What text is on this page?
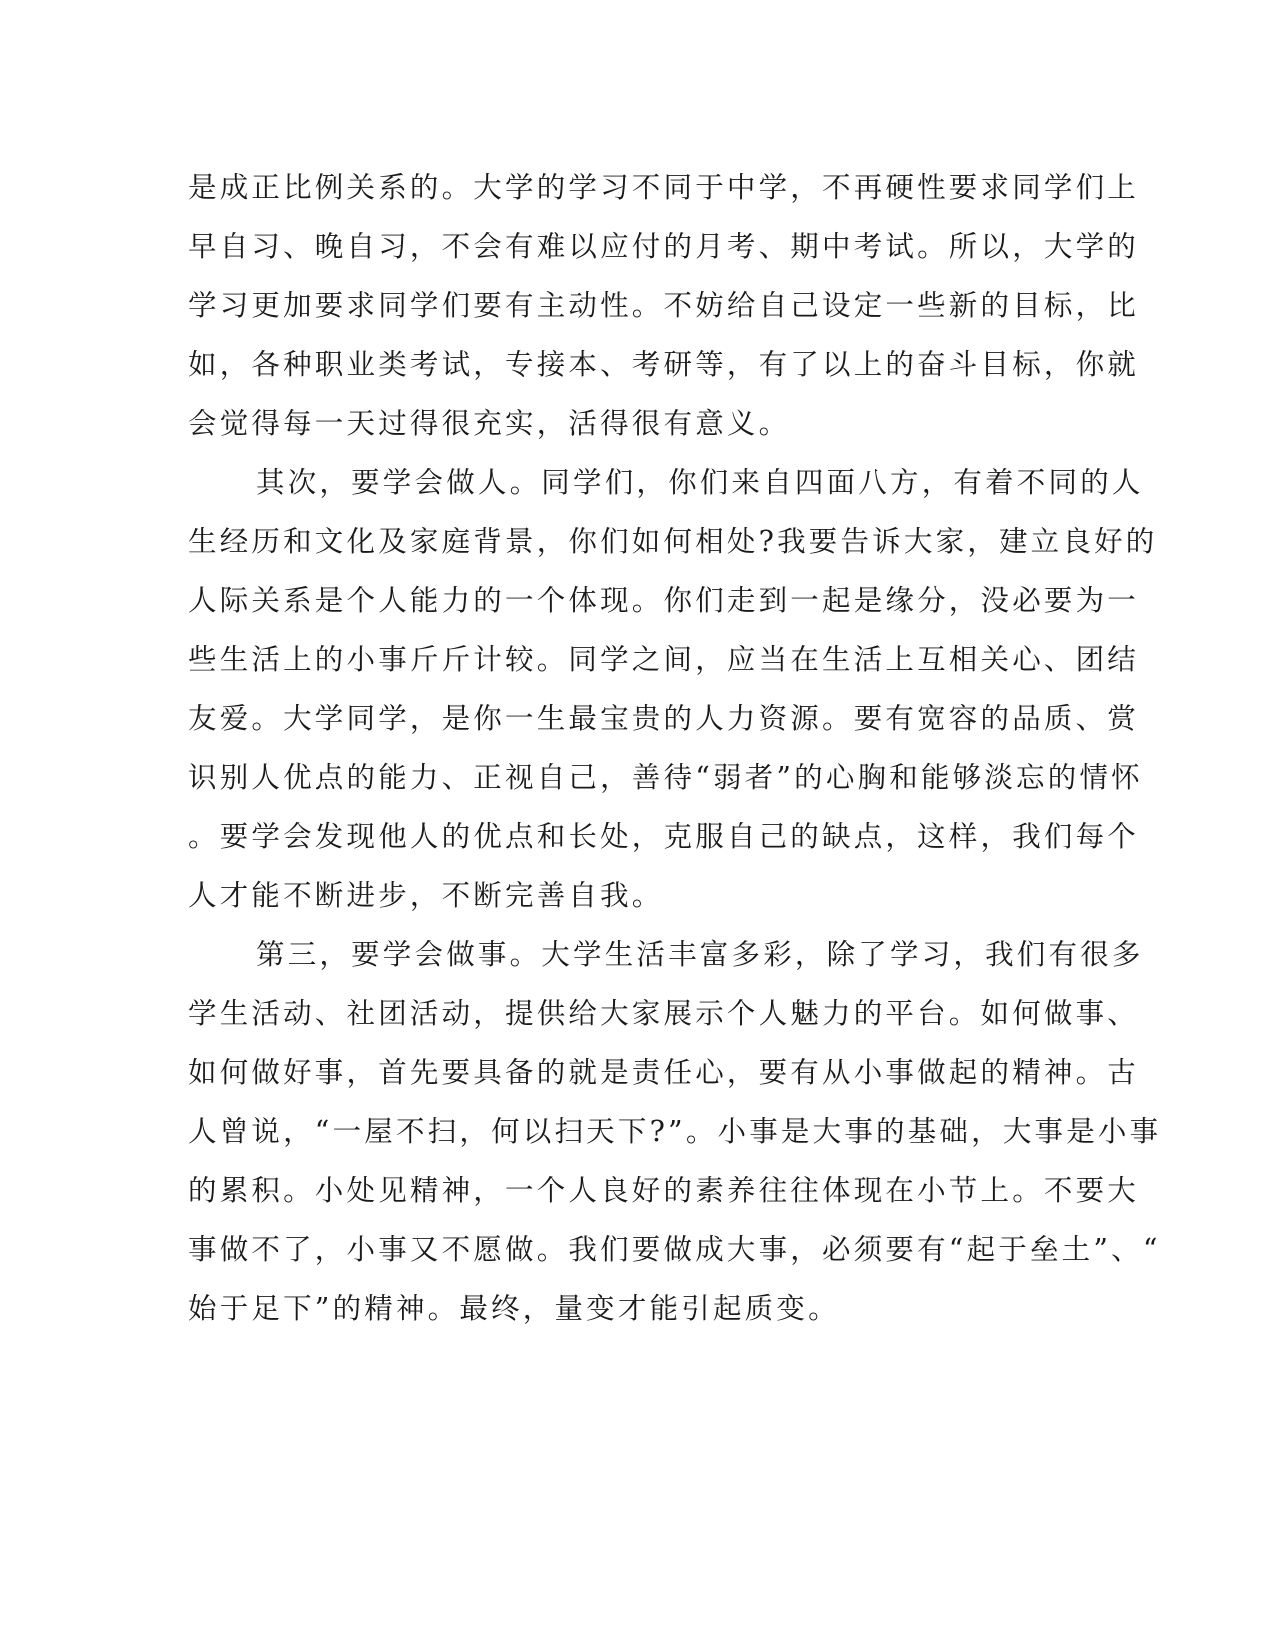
是成正比例关系的。大学的学习不同于中学，不再硬性要求同学们上
早自习、晚自习，不会有难以应付的月考、期中考试。所以，大学的
学习更加要求同学们要有主动性。不妨给自己设定一些新的目标，比
如，各种职业类考试，专接本、考研等，有了以上的奋斗目标，你就
会觉得每一天过得很充实，活得很有意义。
其次，要学会做人。同学们，你们来自四面八方，有着不同的人
生经历和文化及家庭背景，你们如何相处?我要告诉大家，建立良好的
人际关系是个人能力的一个体现。你们走到一起是缘分，没必要为一
些生活上的小事斤斤计较。同学之间，应当在生活上互相关心、团结
友爱。大学同学，是你一生最宝贵的人力资源。要有宽容的品质、赏
识别人优点的能力、正视自己，善待“弱者”的心胸和能够淡忘的情怀
。要学会发现他人的优点和长处，克服自己的缺点，这样，我们每个
人才能不断进步，不断完善自我。
第三，要学会做事。大学生活丰富多彩，除了学习，我们有很多
学生活动、社团活动，提供给大家展示个人魅力的平台。如何做事、
如何做好事，首先要具备的就是责任心，要有从小事做起的精神。古
人曾说，“一屋不扫，何以扫天下?”。小事是大事的基础，大事是小事
的累积。小处见精神，一个人良好的素养往往体现在小节上。不要大
事做不了，小事又不愿做。我们要做成大事，必须要有“起于垒土”、“
始于足下”的精神。最终，量变才能引起质变。
